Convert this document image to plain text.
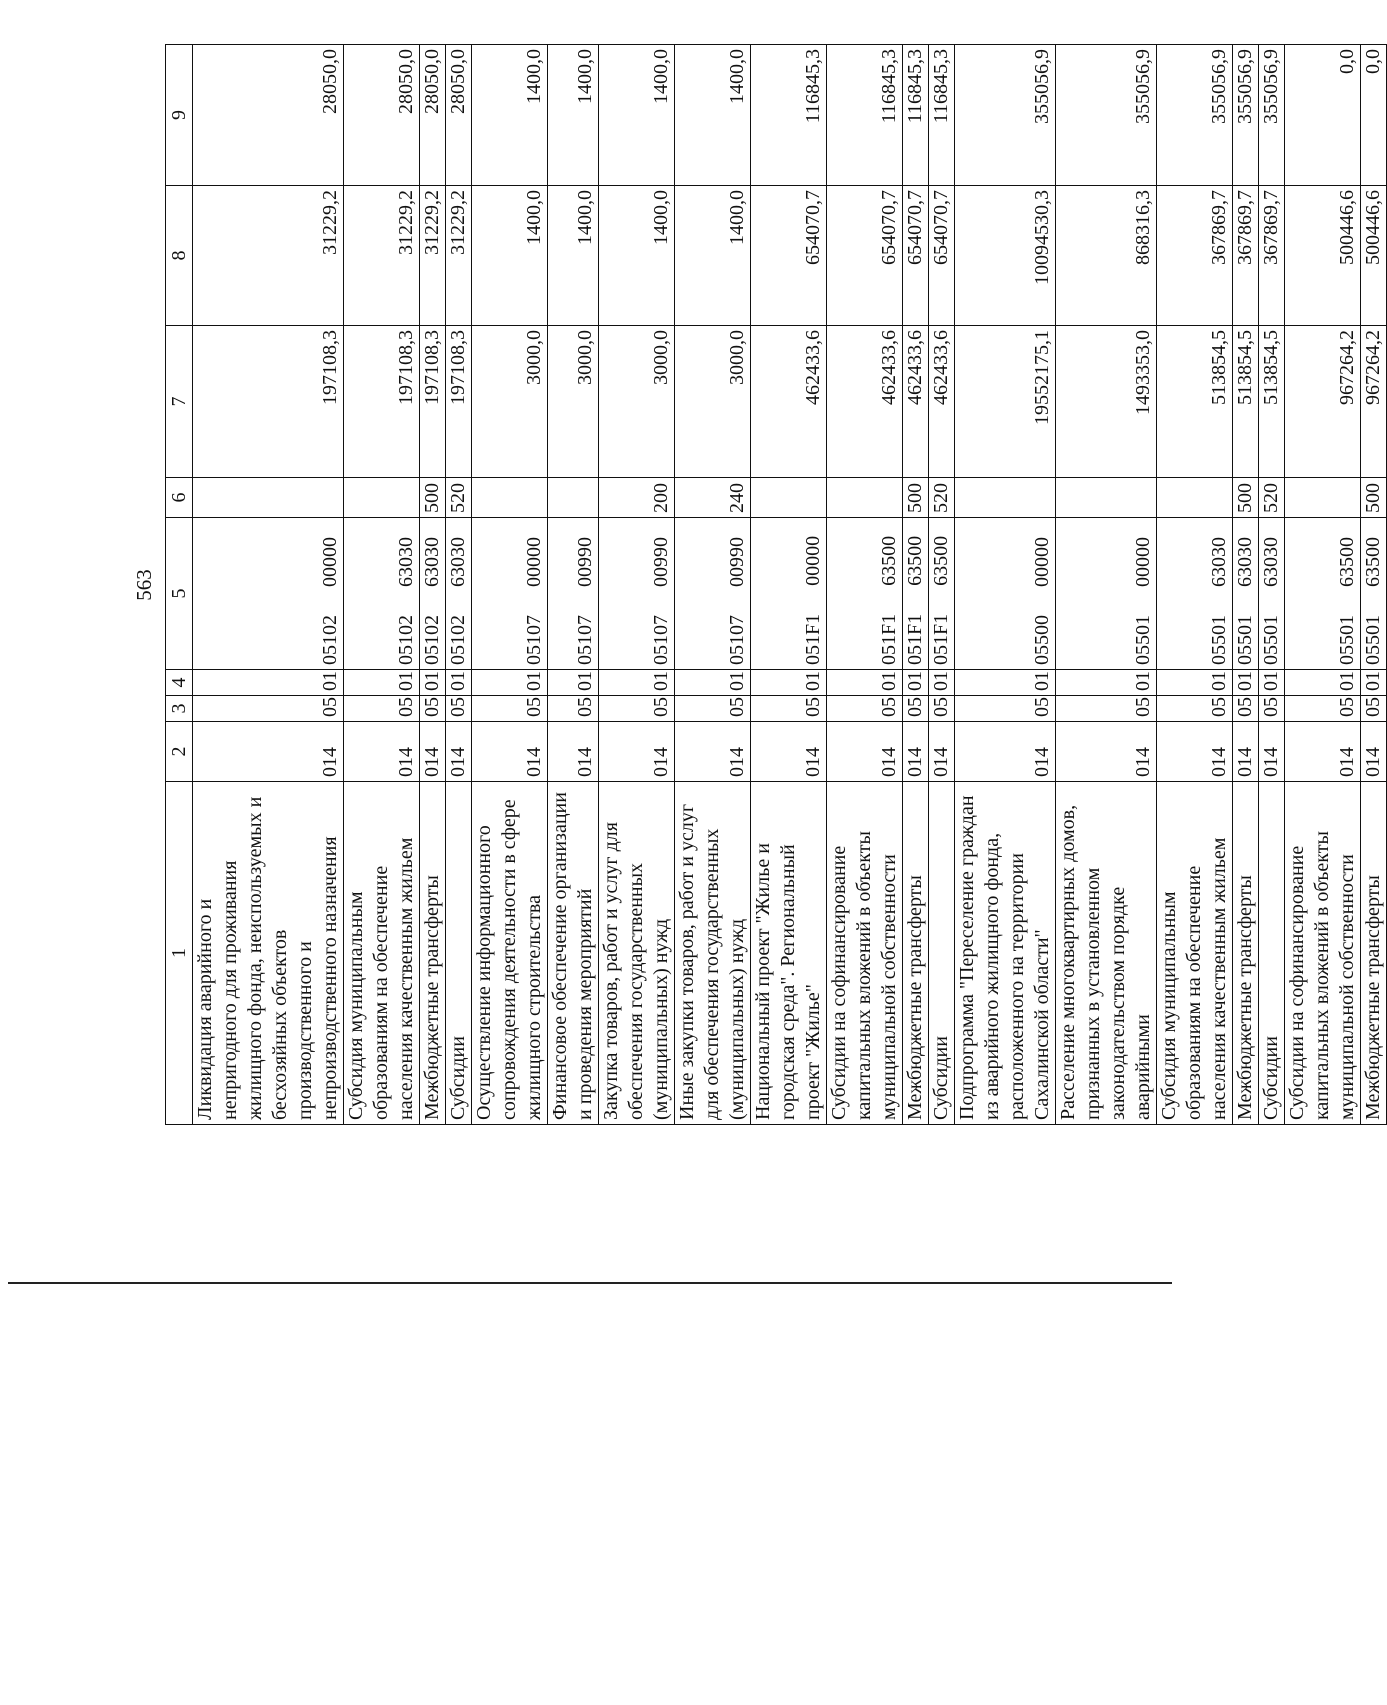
563
1	2	3	4	5	6	7	8	9
Ликвидация аварийного и непригодного для проживания жилищного фонда, неиспользуемых и бесхозяйных объектов производственного и непроизводственного назначения	014	05	01	0510200000		197108,3	31229,2	28050,0
Субсидия муниципальным образованиям на обеспечение населения качественным жильем	014	05	01	0510263030		197108,3	31229,2	28050,0
Межбюджетные трансферты	014	05	01	0510263030	500	197108,3	31229,2	28050,0
Субсидии	014	05	01	0510263030	520	197108,3	31229,2	28050,0
Осуществление информационного сопровождения деятельности в сфере жилищного строительства	014	05	01	0510700000		3000,0	1400,0	1400,0
Финансовое обеспечение организации и проведения мероприятий	014	05	01	0510700990		3000,0	1400,0	1400,0
Закупка товаров, работ и услуг для обеспечения государственных (муниципальных) нужд	014	05	01	0510700990	200	3000,0	1400,0	1400,0
Иные закупки товаров, работ и услуг для обеспечения государственных (муниципальных) нужд	014	05	01	0510700990	240	3000,0	1400,0	1400,0
Национальный проект "Жилье и городская среда". Региональный проект "Жилье"	014	05	01	051F100000		462433,6	654070,7	116845,3
Субсидии на софинансирование капитальных вложений в объекты муниципальной собственности	014	05	01	051F163500		462433,6	654070,7	116845,3
Межбюджетные трансферты	014	05	01	051F163500	500	462433,6	654070,7	116845,3
Субсидии	014	05	01	051F163500	520	462433,6	654070,7	116845,3
Подпрограмма "Переселение граждан из аварийного жилищного фонда, расположенного на территории Сахалинской области"	014	05	01	0550000000		19552175,1	10094530,3	355056,9
Расселение многоквартирных домов, признанных в установленном законодательством порядке аварийными	014	05	01	0550100000		1493353,0	868316,3	355056,9
Субсидия муниципальным образованиям на обеспечение населения качественным жильем	014	05	01	0550163030		513854,5	367869,7	355056,9
Межбюджетные трансферты	014	05	01	0550163030	500	513854,5	367869,7	355056,9
Субсидии	014	05	01	0550163030	520	513854,5	367869,7	355056,9
Субсидии на софинансирование капитальных вложений в объекты муниципальной собственности	014	05	01	0550163500		967264,2	500446,6	0,0
Межбюджетные трансферты	014	05	01	0550163500	500	967264,2	500446,6	0,0
